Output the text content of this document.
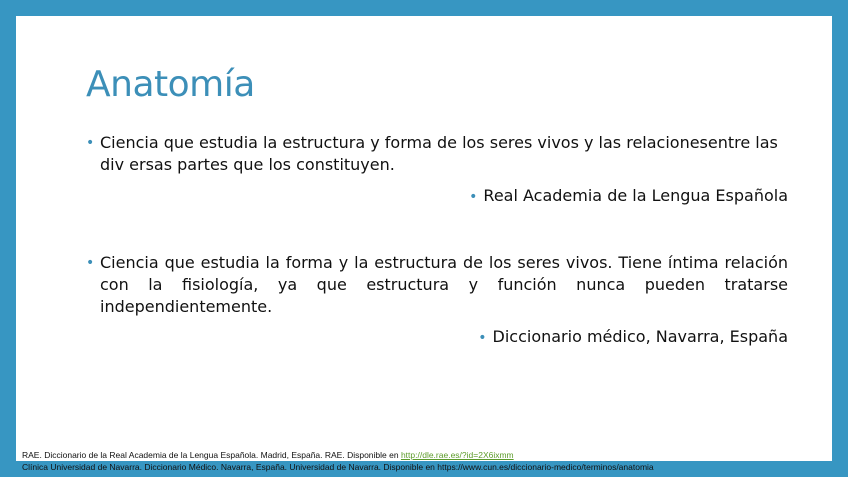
Anatomía
• Ciencia que estudia la estructura y forma de los seres vivos y las relacionesentre las div ersas partes que los constituyen.
• Real Academia de la Lengua Española
• Ciencia que estudia la forma y la estructura de los seres vivos. Tiene íntima relación con la fisiología, ya que estructura y función nunca pueden tratarse independientemente.
• Diccionario médico, Navarra, España
RAE. Diccionario de la Real Academia de la Lengua Española. Madrid, España. RAE. Disponible en http://dle.rae.es/?id=2X6ixmm
Clínica Universidad de Navarra. Diccionario Médico. Navarra, España. Universidad de Navarra. Disponible en https://www.cun.es/diccionario-medico/terminos/anatomia
